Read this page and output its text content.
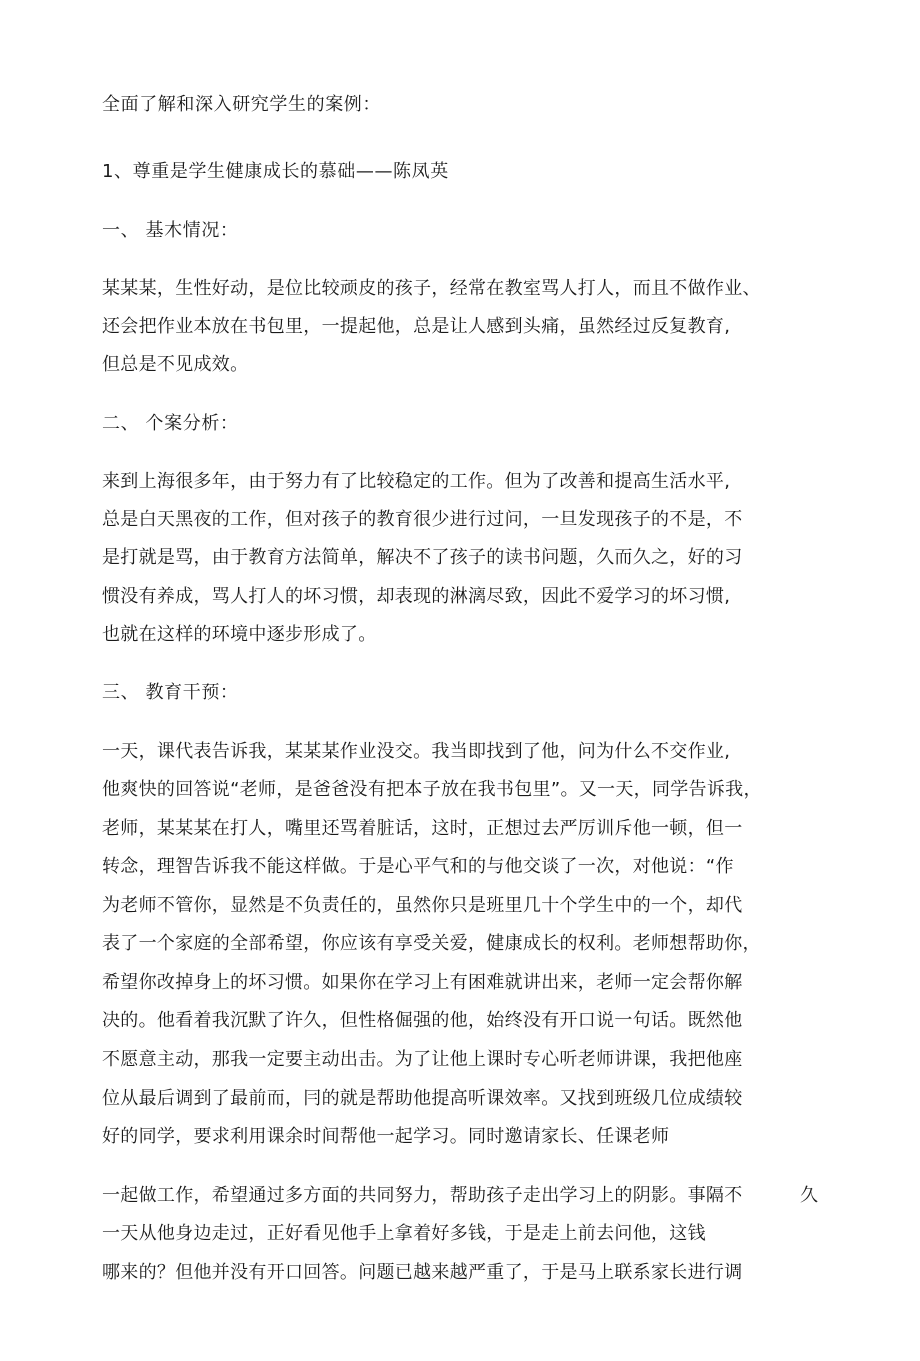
全面了解和深入研究学生的案例：
1、尊重是学生健康成长的慕础——陈凤英
一、 基木情况：
某某某，生性好动，是位比较顽皮的孩子，经常在教室骂人打人，而且不做作业、
还会把作业本放在书包里，一提起他，总是让人感到头痛，虽然经过反复教育,
但总是不见成效。
二、 个案分析：
来到上海很多年，由于努力有了比较稳定的工作。但为了改善和提高生活水平,
总是白天黑夜的工作，但对孩子的教育很少进行过问，一旦发现孩子的不是，不
是打就是骂，由于教育方法简单，解决不了孩子的读书问题，久而久之，好的习
惯没有养成，骂人打人的坏习惯，却表现的淋漓尽致，因此不爱学习的坏习惯,
也就在这样的环境中逐步形成了。
三、 教育干预：
一天，课代表告诉我，某某某作业没交。我当即找到了他，问为什么不交作业,
他爽快的回答说“老师，是爸爸没有把本子放在我书包里”。又一天，同学告诉我，
老师，某某某在打人，嘴里还骂着脏话，这时，正想过去严厉训斥他一顿，但一
转念，理智告诉我不能这样做。于是心平气和的与他交谈了一次，对他说：“作
为老师不管你，显然是不负责任的，虽然你只是班里几十个学生中的一个，却代
表了一个家庭的全部希望，你应该有享受关爱，健康成长的权利。老师想帮助你，
希望你改掉身上的坏习惯。如果你在学习上有困难就讲出来，老师一定会帮你解
决的。他看着我沉默了许久，但性格倔强的他，始终没有开口说一句话。既然他
不愿意主动，那我一定要主动出击。为了让他上课时专心听老师讲课，我把他座
位从最后调到了最前而，冃的就是帮助他提高听课效率。又找到班级几位成绩较
好的同学，要求利用课余时间帮他一起学习。同时邀请家长、任课老师
一起做工作，希望通过多方面的共同努力，帮助孩子走出学习上的阴影。事隔不	久
一天从他身边走过，正好看见他手上拿着好多钱，于是走上前去问他，这钱
哪来的？但他并没有开口回答。问题已越来越严重了，于是马上联系家长进行调
